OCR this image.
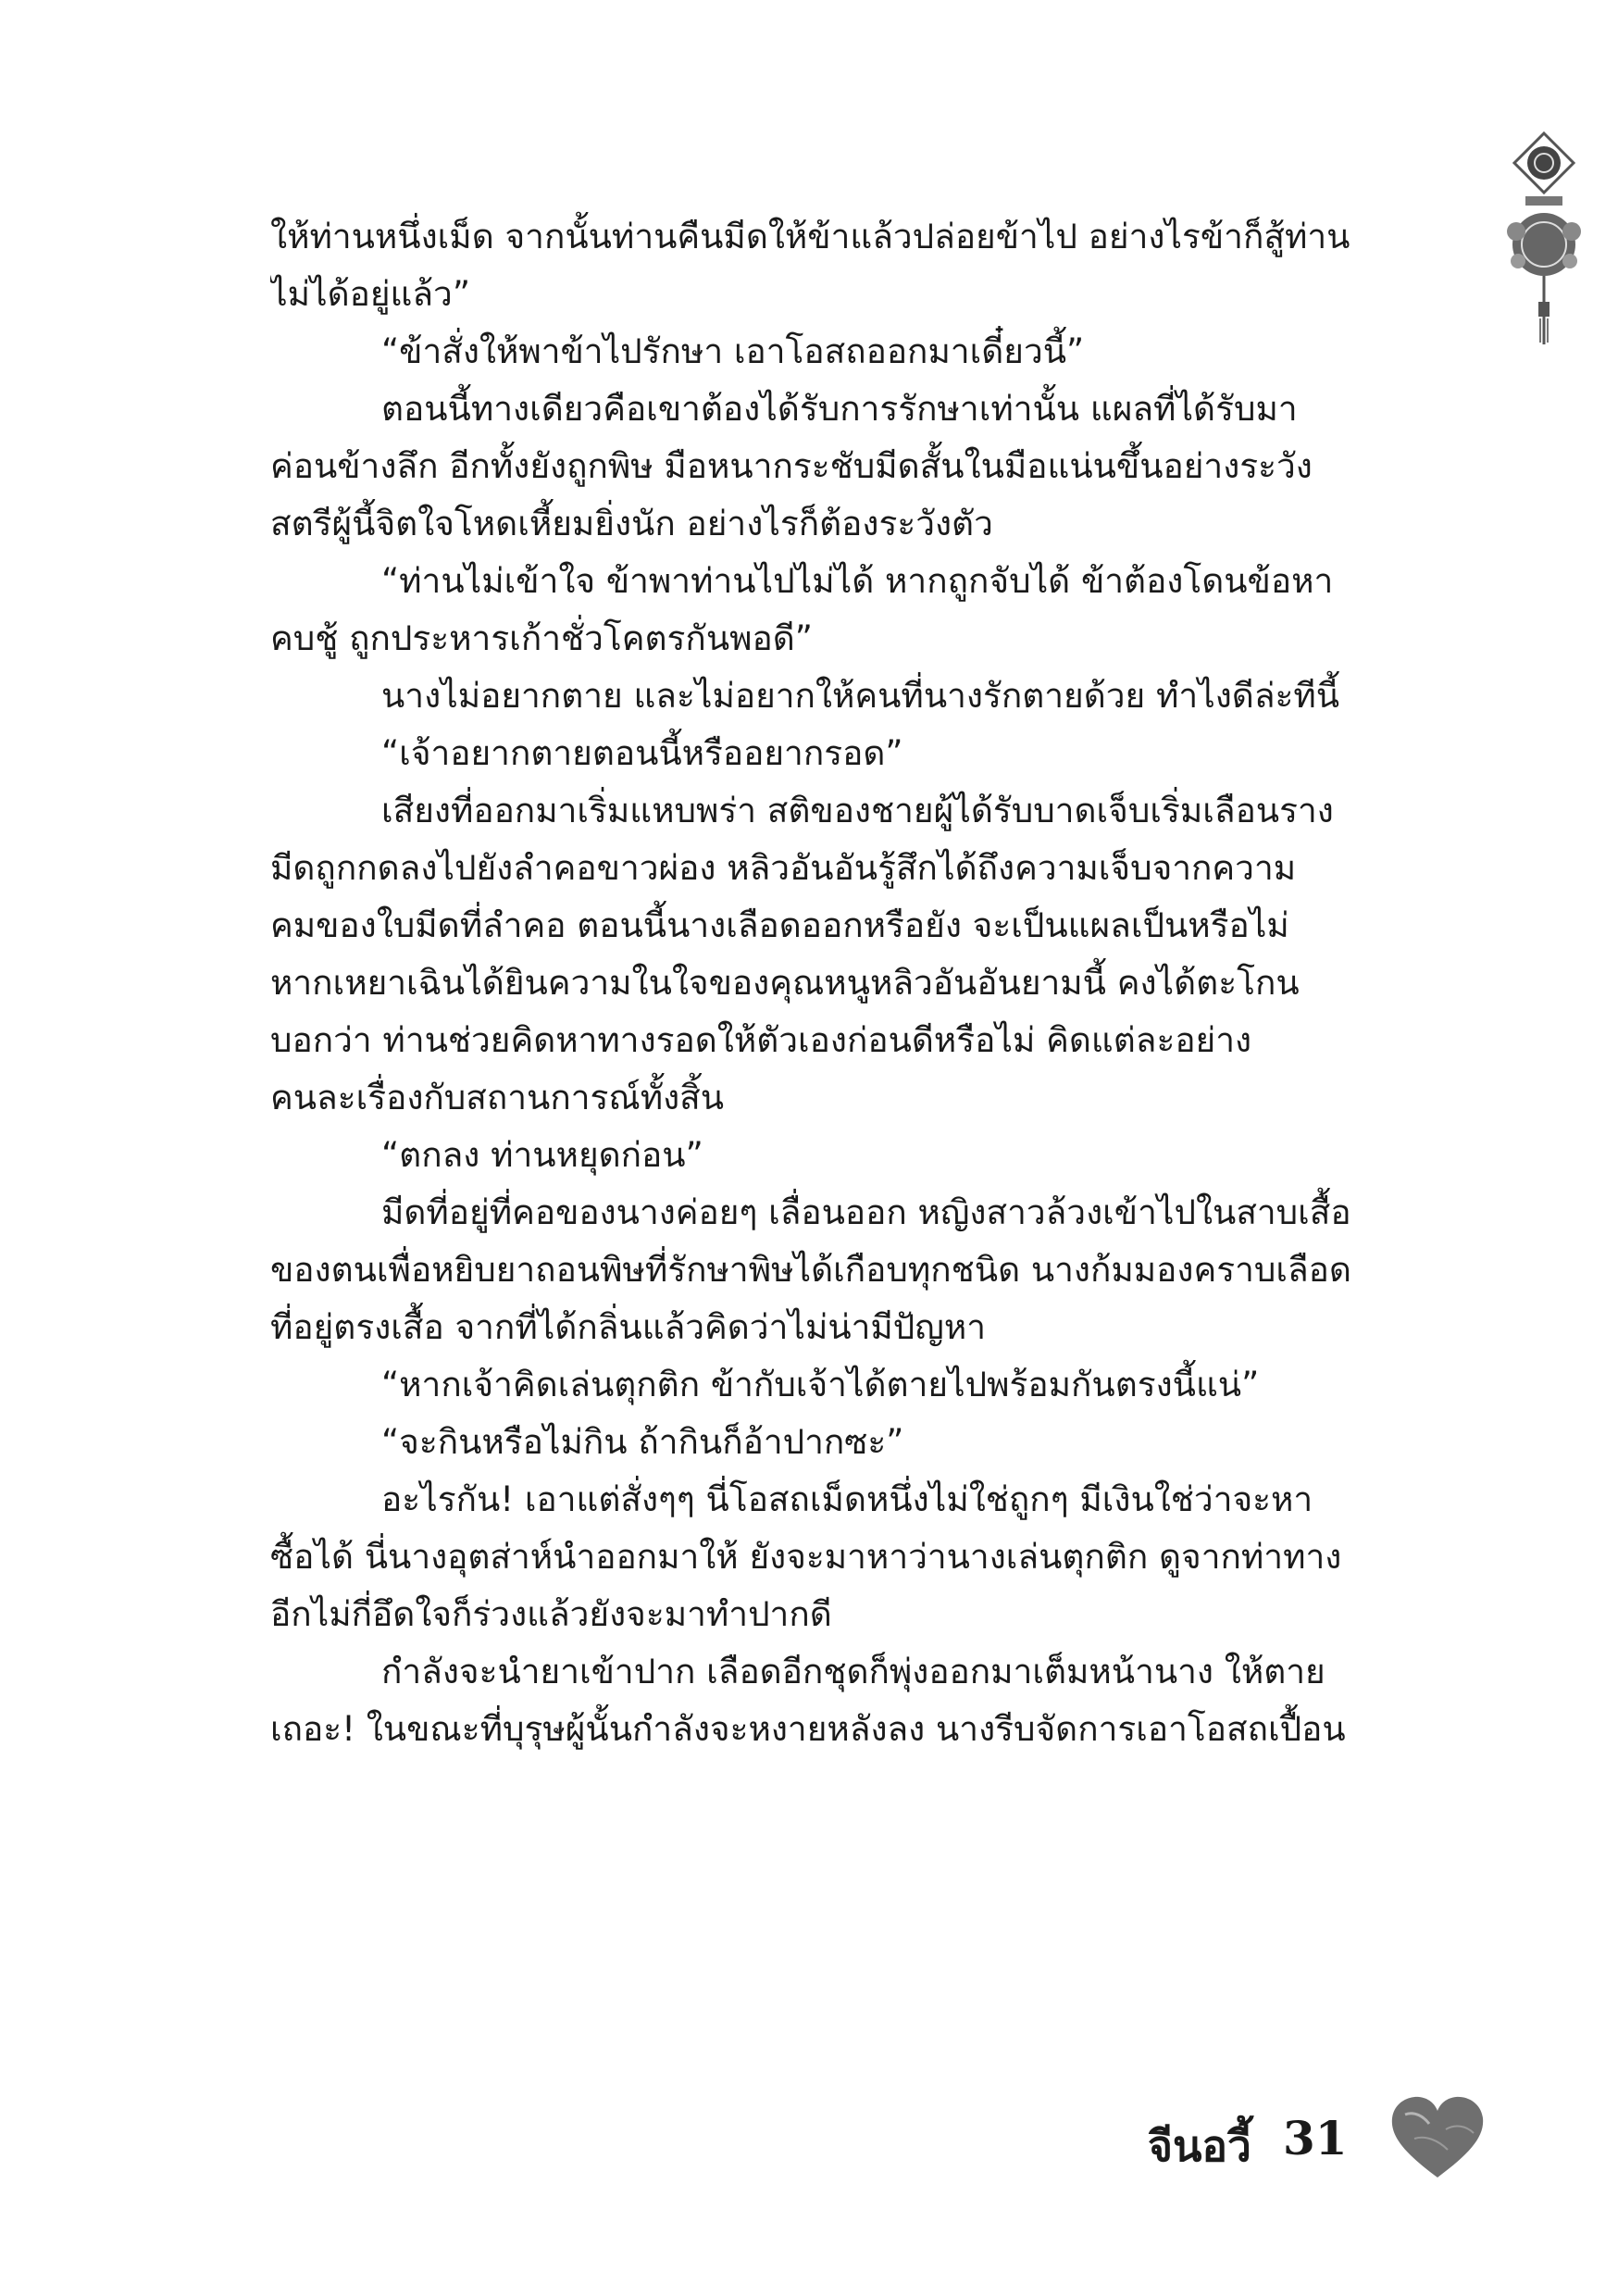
ให้ท่านหนึ่งเม็ด จากนั้นท่านคืนมีดให้ข้าแล้วปล่อยข้าไป อย่างไรข้าก็สู้ท่าน
ไม่ได้อยู่แล้ว”
“ข้าสั่งให้พาข้าไปรักษา เอาโอสถออกมาเดี๋ยวนี้”
ตอนนี้ทางเดียวคือเขาต้องได้รับการรักษาเท่านั้น แผลที่ได้รับมา
ค่อนข้างลึก อีกทั้งยังถูกพิษ มือหนากระชับมีดสั้นในมือแน่นขึ้นอย่างระวัง
สตรีผู้นี้จิตใจโหดเหี้ยมยิ่งนัก อย่างไรก็ต้องระวังตัว
“ท่านไม่เข้าใจ ข้าพาท่านไปไม่ได้ หากถูกจับได้ ข้าต้องโดนข้อหา
คบชู้ ถูกประหารเก้าชั่วโคตรกันพอดี”
นางไม่อยากตาย และไม่อยากให้คนที่นางรักตายด้วย ทำไงดีล่ะทีนี้
“เจ้าอยากตายตอนนี้หรืออยากรอด”
เสียงที่ออกมาเริ่มแหบพร่า สติของชายผู้ได้รับบาดเจ็บเริ่มเลือนราง
มีดถูกกดลงไปยังลำคอขาวผ่อง หลิวอันอันรู้สึกได้ถึงความเจ็บจากความ
คมของใบมีดที่ลำคอ ตอนนี้นางเลือดออกหรือยัง จะเป็นแผลเป็นหรือไม่
หากเหยาเฉินได้ยินความในใจของคุณหนูหลิวอันอันยามนี้ คงได้ตะโกน
บอกว่า ท่านช่วยคิดหาทางรอดให้ตัวเองก่อนดีหรือไม่ คิดแต่ละอย่าง
คนละเรื่องกับสถานการณ์ทั้งสิ้น
“ตกลง ท่านหยุดก่อน”
มีดที่อยู่ที่คอของนางค่อยๆ เลื่อนออก หญิงสาวล้วงเข้าไปในสาบเสื้อ
ของตนเพื่อหยิบยาถอนพิษที่รักษาพิษได้เกือบทุกชนิด นางก้มมองคราบเลือด
ที่อยู่ตรงเสื้อ จากที่ได้กลิ่นแล้วคิดว่าไม่น่ามีปัญหา
“หากเจ้าคิดเล่นตุกติก ข้ากับเจ้าได้ตายไปพร้อมกันตรงนี้แน่”
“จะกินหรือไม่กิน ถ้ากินก็อ้าปากซะ”
อะไรกัน! เอาแต่สั่งๆๆ นี่โอสถเม็ดหนึ่งไม่ใช่ถูกๆ มีเงินใช่ว่าจะหา
ซื้อได้ นี่นางอุตส่าห์นำออกมาให้ ยังจะมาหาว่านางเล่นตุกติก ดูจากท่าทาง
อีกไม่กี่อึดใจก็ร่วงแล้วยังจะมาทำปากดี
กำลังจะนำยาเข้าปาก เลือดอีกชุดก็พุ่งออกมาเต็มหน้านาง ให้ตาย
เถอะ! ในขณะที่บุรุษผู้นั้นกำลังจะหงายหลังลง นางรีบจัดการเอาโอสถเปื้อน
จีนอวี้ 31
